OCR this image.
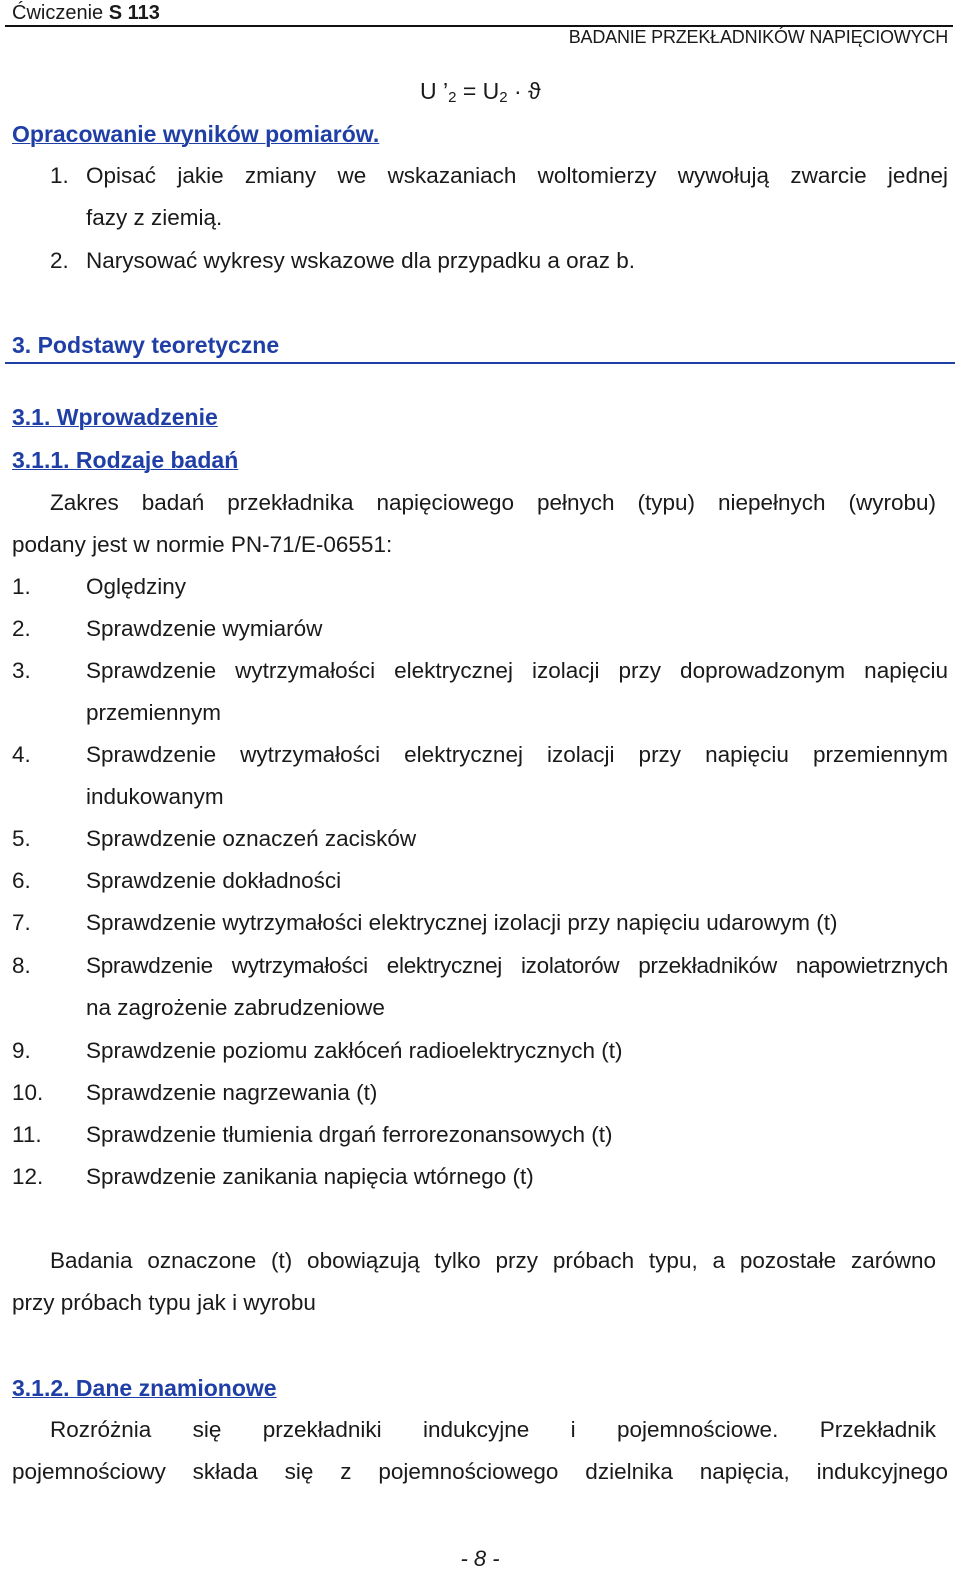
Ćwiczenie S 113
BADANIE PRZEKŁADNIKÓW NAPIĘCIOWYCH
U $’_2 = U_2 \cdot ϑ$
Opracowanie wyników pomiarów.
1. Opisać jakie zmiany we wskazaniach woltomierzy wywołują zwarcie jednej
fazy z ziemią.
2. Narysować wykresy wskazowe dla przypadku a oraz b.
3. Podstawy teoretyczne
3.1. Wprowadzenie
3.1.1. Rodzaje badań
Zakres badań przekładnika napięciowego pełnych (typu) niepełnych (wyrobu)
podany jest w normie PN-71/E-06551:
1. Oględziny
2. Sprawdzenie wymiarów
3. Sprawdzenie wytrzymałości elektrycznej izolacji przy doprowadzonym napięciu
przemiennym
4. Sprawdzenie wytrzymałości elektrycznej izolacji przy napięciu przemiennym
indukowanym
5. Sprawdzenie oznaczeń zacisków
6. Sprawdzenie dokładności
7. Sprawdzenie wytrzymałości elektrycznej izolacji przy napięciu udarowym (t)
8. Sprawdzenie wytrzymałości elektrycznej izolatorów przekładników napowietrznych
na zagrożenie zabrudzeniowe
9. Sprawdzenie poziomu zakłóceń radioelektrycznych (t)
10. Sprawdzenie nagrzewania (t)
11. Sprawdzenie tłumienia drgań ferrorezonansowych (t)
12. Sprawdzenie zanikania napięcia wtórnego (t)
Badania oznaczone (t) obowiązują tylko przy próbach typu, a pozostałe zarówno
przy próbach typu jak i wyrobu
3.1.2. Dane znamionowe
Rozróżnia się przekładniki indukcyjne i pojemnościowe. Przekładnik
pojemnościowy składa się z pojemnościowego dzielnika napięcia, indukcyjnego
- 8 -
